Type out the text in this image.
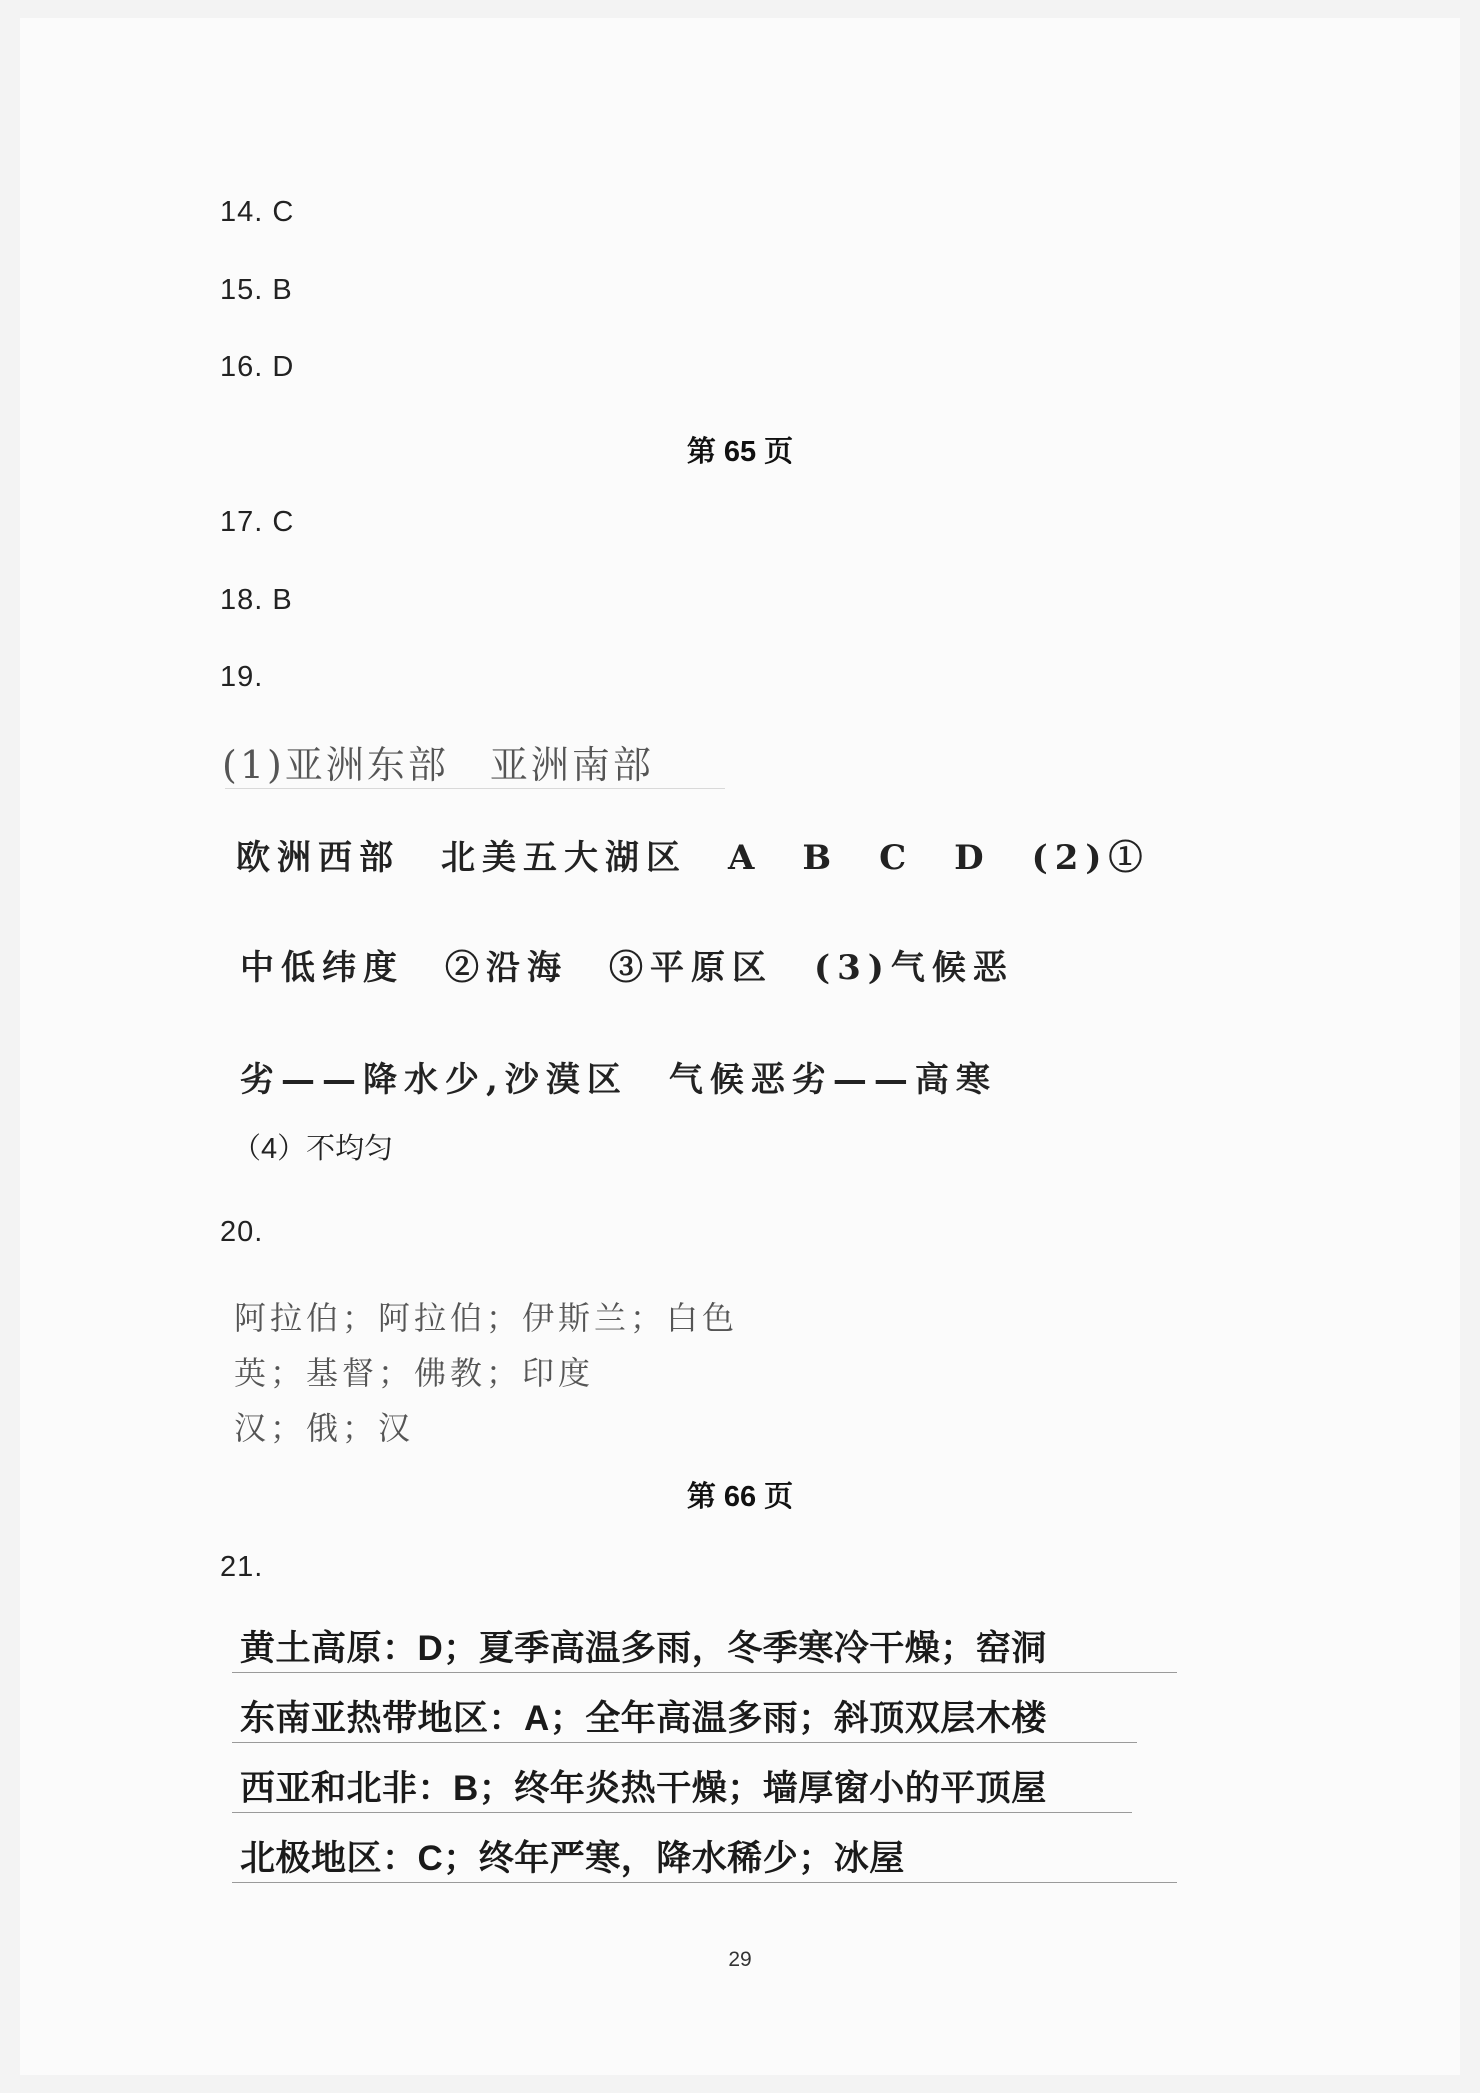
14. C
15. B
16. D
第 65 页
17. C
18. B
19.
(1)亚洲东部　亚洲南部
欧洲西部　北美五大湖区　A　B　C　D　(2)①
中低纬度　②沿海　③平原区　(3)气候恶
劣——降水少,沙漠区　气候恶劣——高寒
（4）不均匀
20.
阿拉伯；阿拉伯；伊斯兰；白色
英；基督；佛教；印度
汉；俄；汉
第 66 页
21.
黄土高原：D；夏季高温多雨，冬季寒冷干燥；窑洞
东南亚热带地区：A；全年高温多雨；斜顶双层木楼
西亚和北非：B；终年炎热干燥；墙厚窗小的平顶屋
北极地区：C；终年严寒，降水稀少；冰屋
29
